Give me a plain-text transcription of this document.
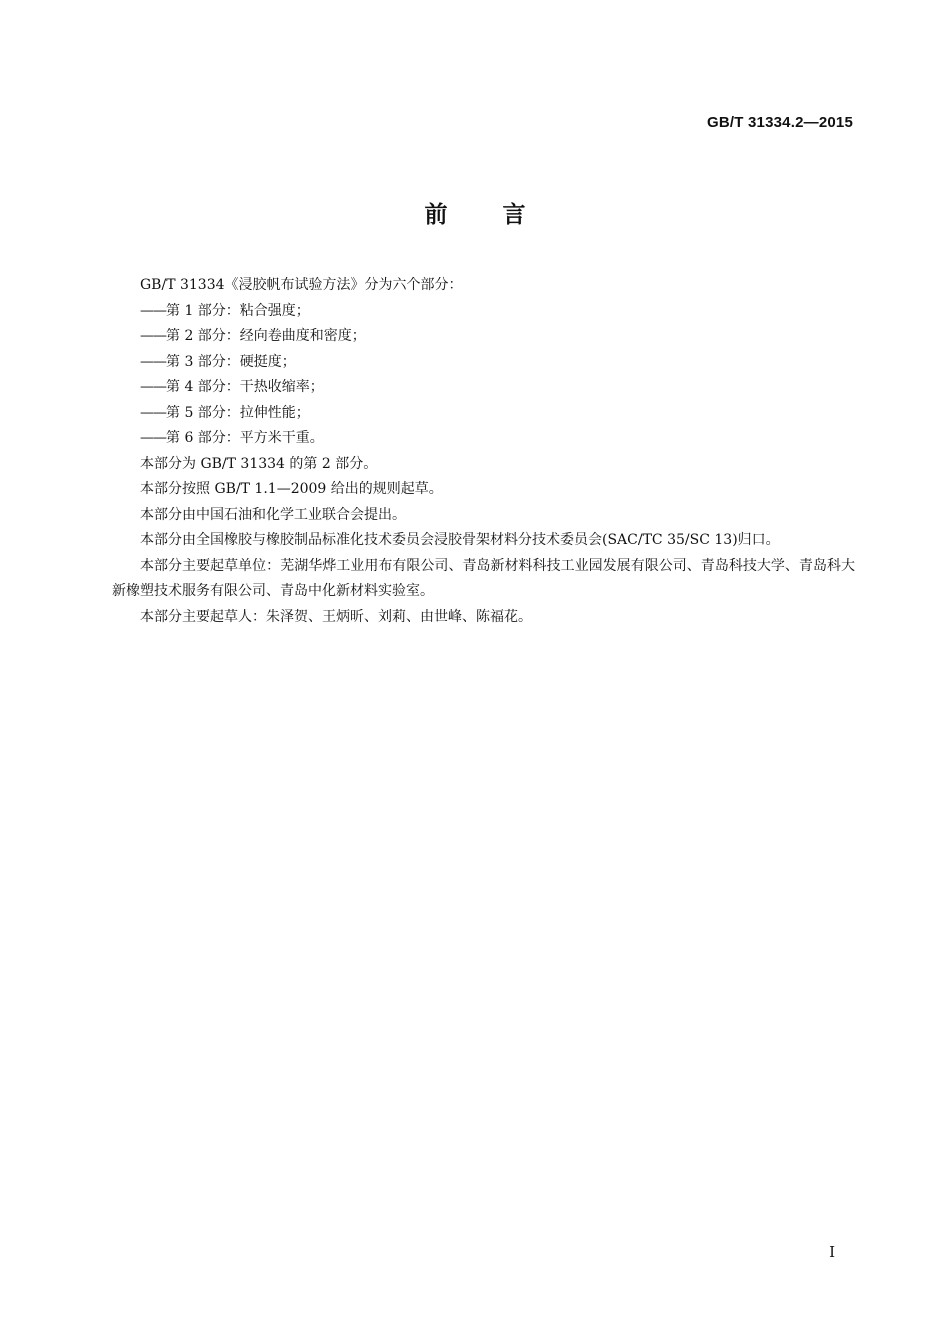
GB/T 31334.2—2015
前言

GB/T 31334《浸胶帆布试验方法》分为六个部分：

——第 1 部分：粘合强度；

——第 2 部分：经向卷曲度和密度；

——第 3 部分：硬挺度；

——第 4 部分：干热收缩率；

——第 5 部分：拉伸性能；

——第 6 部分：平方米干重。

本部分为 GB/T 31334 的第 2 部分。

本部分按照 GB/T 1.1—2009 给出的规则起草。

本部分由中国石油和化学工业联合会提出。

本部分由全国橡胶与橡胶制品标准化技术委员会浸胶骨架材料分技术委员会(SAC/TC 35/SC 13)归口。

本部分主要起草单位：芜湖华烨工业用布有限公司、青岛新材料科技工业园发展有限公司、青岛科技大学、青岛科大新橡塑技术服务有限公司、青岛中化新材料实验室。

本部分主要起草人：朱泽贺、王炳昕、刘莉、由世峰、陈福花。

I
